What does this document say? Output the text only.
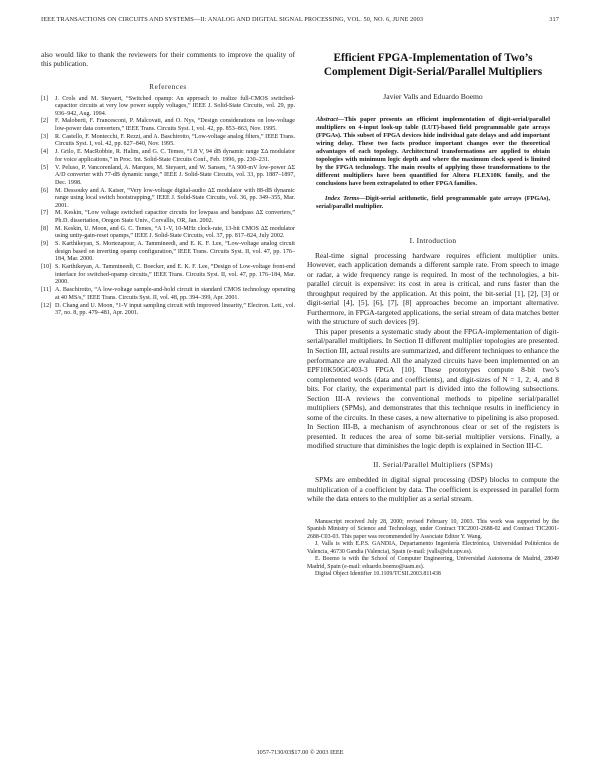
IEEE TRANSACTIONS ON CIRCUITS AND SYSTEMS—II: ANALOG AND DIGITAL SIGNAL PROCESSING, VOL. 50, NO. 6, JUNE 2003	317

also would like to thank the reviewers for their comments to improve the quality of this publication.

References
[1]	J. Crols and M. Steyaert, “Switched opamp: An approach to realize full-CMOS switched-capacitor circuits at very low power supply voltages,” IEEE J. Solid-State Circuits, vol. 29, pp. 936–942, Aug. 1994.
[2]	F. Maloberti, F. Francesconi, P. Malcovati, and O. Nys, “Design considerations on low-voltage low-power data converters,” IEEE Trans. Circuits Syst. I, vol. 42, pp. 853–863, Nov. 1995.
[3]	R. Castello, F. Montecchi, F. Rezzi, and A. Baschirotto, “Low-voltage analog filters,” IEEE Trans. Circuits Syst. I, vol. 42, pp. 827–840, Nov. 1995.
[4]	J. Grilo, E. MacRobbie, R. Halim, and G. C. Temes, “1.8 V, 94 dB dynamic range ΣΔ modulator for voice applications,” in Proc. Int. Solid-State Circuits Conf., Feb. 1996, pp. 230–231.
[5]	V. Peluso, P. Vancorenland, A. Marques, M. Steyaert, and W. Sansen, “A 900-mV low-power ΔΣ A/D converter with 77-dB dynamic range,” IEEE J. Solid-State Circuits, vol. 33, pp. 1887–1897, Dec. 1998.
[6]	M. Dessouky and A. Kaiser, “Very low-voltage digital-audio ΔΣ modulator with 88-dB dynamic range using local switch bootstrapping,” IEEE J. Solid-State Circuits, vol. 36, pp. 349–355, Mar. 2001.
[7]	M. Keskin, “Low voltage switched capacitor circuits for lowpass and bandpass ΔΣ converters,” Ph.D. dissertation, Oregon State Univ., Corvallis, OR, Jan. 2002.
[8]	M. Keskin, U. Moon, and G. C. Temes, “A 1-V, 10-MHz clock-rate, 13-bit CMOS ΔΣ modulator using unity-gain-reset opamps,” IEEE J. Solid-State Circuits, vol. 37, pp. 817–824, July 2002.
[9]	S. Karthikeyan, S. Mortezapour, A. Tammineedi, and E. K. F. Lee, “Low-voltage analog circuit design based on inverting opamp configuration,” IEEE Trans. Circuits Syst. II, vol. 47, pp. 176–184, Mar. 2000.
[10] S. Karthikeyan, A. Tammineedi, C. Boecker, and E. K. F. Lee, “Design of Low-voltage front-end interface for switched-opamp circuits,” IEEE Trans. Circuits Syst. II, vol. 47, pp. 176–184, Mar. 2000.
[11] A. Baschirotto, “A low-voltage sample-and-hold circuit in standard CMOS technology operating at 40 MS/s,” IEEE Trans. Circuits Syst. II, vol. 48, pp. 394–399, Apr. 2001.
[12] D. Chang and U. Moon, “1-V input sampling circuit with improved linearity,” Electron. Lett., vol. 37, no. 8, pp. 479–481, Apr. 2001.
Efficient FPGA-Implementation of Two’s Complement Digit-Serial/Parallel Multipliers
Javier Valls and Eduardo Boemo

Abstract—This paper presents an efficient implementation of digit-serial/parallel multipliers on 4-input look-up table (LUT)-based field programmable gate arrays (FPGAs). This subset of FPGA devices hide individual gate delays and add important wiring delay. These two facts produce important changes over the theoretical advantages of each topology. Architectural transformations are applied to obtain topologies with minimum logic depth and where the maximum clock speed is limited by the FPGA technology. The main results of applying those transformations to the different multipliers have been quantified for Altera FLEX10K family, and the conclusions have been extrapolated to other FPGA families.

Index Terms—Digit-serial arithmetic, field programmable gate arrays (FPGAs), serial/parallel multiplier.

I. Introduction

Real-time signal processing hardware requires efficient multiplier units. However, each application demands a different sample rate. From speech to image or radar, a wide frequency range is required. In most of the technologies, a bit-parallel circuit is expensive: its cost in area is critical, and runs faster than the throughput required by the application. At this point, the bit-serial [1], [2], [3] or digit-serial [4], [5], [6], [7], [8] approaches become an important alternative. Furthermore, in FPGA-targeted applications, the serial stream of data matches better with the structure of such devices [9].

This paper presents a systematic study about the FPGA-implementation of digit-serial/parallel multipliers. In Section II different multiplier topologies are presented. In Section III, actual results are summarized, and different techniques to enhance the performance are evaluated. All the analyzed circuits have been implemented on an EPF10K50GC403-3 FPGA [10]. These prototypes compute 8-bit two’s complemented words (data and coefficients), and digit-sizes of N = 1, 2, 4, and 8 bits. For clarity, the experimental part is divided into the following subsections. Section III-A reviews the conventional methods to pipeline serial/parallel multipliers (SPMs), and demonstrates that this technique results in inefficiency in some of the circuits. In these cases, a new alternative to pipelining is also proposed. In Section III-B, a mechanism of asynchronous clear or set of the registers is presented. It reduces the area of some bit-serial multiplier versions. Finally, a modified structure that diminishes the logic depth is explained in Section III-C.

II. Serial/Parallel Multipliers (SPMs)

SPMs are embedded in digital signal processing (DSP) blocks to compute the multiplication of a coefficient by data. The coefficient is expressed in parallel form while the data enters to the multiplier as a serial stream.

Manuscript received July 28, 2000; revised February 10, 2003. This work was supported by the Spanish Ministry of Science and Technology, under Contract TIC2001-2688-02 and Contract TIC2001-2688-C03-03. This paper was recommended by Associate Editor Y. Wang.

J. Valls is with E.P.S. GANDIA, Departamento Ingeniería Electrónica, Universidad Politécnica de Valencia, 46730 Gandia (Valencia), Spain (e-mail: jvalls@eln.upv.es).

E. Boemo is with the School of Computer Engineering, Universidad Autonoma de Madrid, 28049 Madrid, Spain (e-mail: eduardo.boemo@uam.es).

Digital Object Identifier 10.1109/TCSII.2003.811438

1057-7130/03$17.00 © 2003 IEEE
